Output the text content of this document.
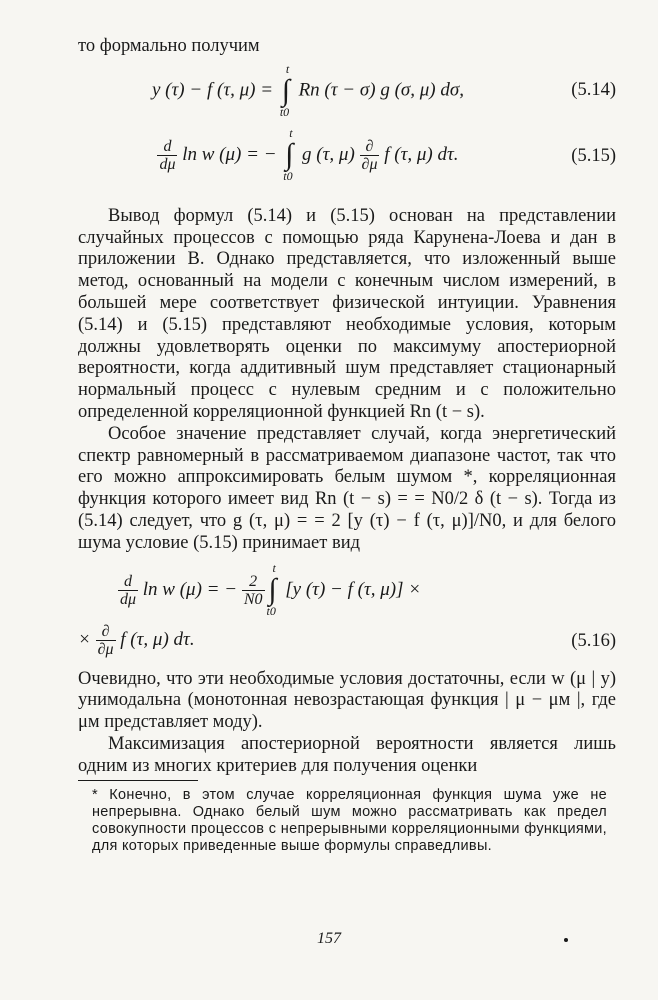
то формально получим

y (τ) − f (τ, μ) = ∫
t
t0
Rn (τ − σ) g (σ, μ) dσ,	(5.14)
$\frac{d}{d\mu}$ ln w (μ) = − ∫
t
t0
g (τ, $\mu) \frac{\partial}{\partial\mu}$ f (τ, μ) dτ.	(5.15)

Вывод формул (5.14) и (5.15) основан на представлении случайных процессов с помощью ряда Карунена-Лоева и дан в приложении В. Однако представляется, что изложенный выше метод, основанный на модели с конечным числом измерений, в большей мере соответствует физической интуиции. Уравнения (5.14) и (5.15) представляют необходимые условия, которым должны удовлетворять оценки по максимуму апостериорной вероятности, когда аддитивный шум представляет стационарный нормальный процесс с нулевым средним и с положительно определенной корреляционной функцией Rn (t − s).

Особое значение представляет случай, когда энергетический спектр равномерный в рассматриваемом диапазоне частот, так что его можно аппроксимировать белым шумом *, корреляционная функция которого имеет вид Rn (t − s) = = N0/2 δ (t − s). Тогда из (5.14) следует, что g (τ, μ) = = 2 [y (τ) − f (τ, μ)]/N0, и для белого шума условие (5.15) принимает вид

$\frac{d}{d\mu}$ ln w (μ) = − $\frac{2}{N0}$ ∫
t
t0
[y (τ) − f (τ, μ)] ×
× $\frac{\partial}{\partial\mu}$ f (τ, μ) dτ.	(5.16)

Очевидно, что эти необходимые условия достаточны, если w (μ | y) унимодальна (монотонная невозрастающая функция | μ − μм |, где μм представляет моду).

Максимизация апостериорной вероятности является лишь одним из многих критериев для получения оценки

* Конечно, в этом случае корреляционная функция шума уже не непрерывна. Однако белый шум можно рассматривать как предел совокупности процессов с непрерывными корреляционными функциями, для которых приведенные выше формулы справедливы.

157
